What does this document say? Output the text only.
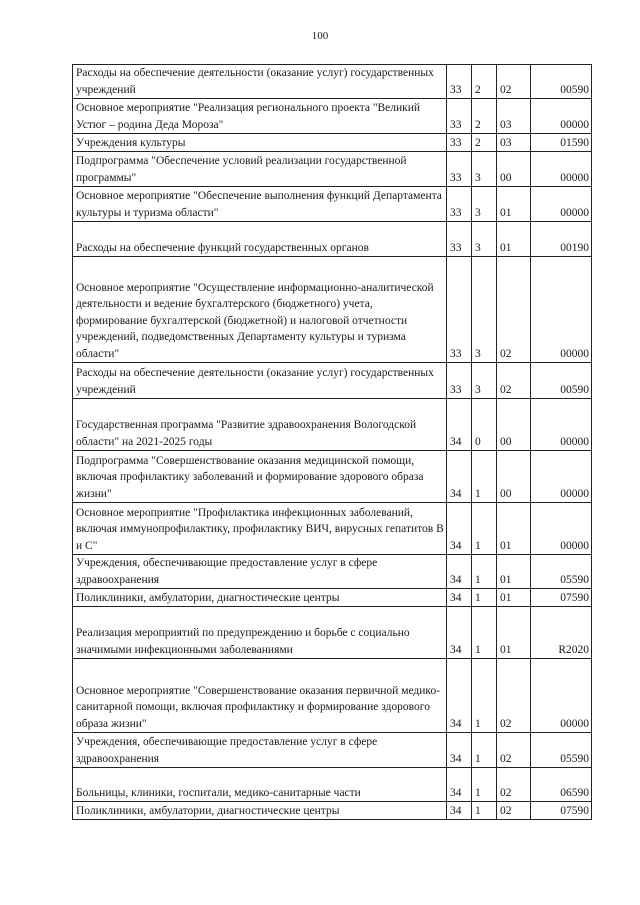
100
Расходы на обеспечение деятельности (оказание услуг) государственных учреждений	33	2	02	00590
Основное мероприятие "Реализация регионального проекта "Великий Устюг – родина Деда Мороза"	33	2	03	00000
Учреждения культуры	33	2	03	01590
Подпрограмма "Обеспечение условий реализации государственной программы"	33	3	00	00000
Основное мероприятие "Обеспечение выполнения функций Департамента культуры и туризма области"	33	3	01	00000
Расходы на обеспечение функций государственных органов	33	3	01	00190
Основное мероприятие "Осуществление информационно-аналитической деятельности и ведение бухгалтерского (бюджетного) учета, формирование бухгалтерской (бюджетной) и налоговой отчетности учреждений, подведомственных Департаменту культуры и туризма области"	33	3	02	00000
Расходы на обеспечение деятельности (оказание услуг) государственных учреждений	33	3	02	00590
Государственная программа "Развитие здравоохранения Вологодской области" на 2021-2025 годы	34	0	00	00000
Подпрограмма "Совершенствование оказания медицинской помощи, включая профилактику заболеваний и формирование здорового образа жизни"	34	1	00	00000
Основное мероприятие "Профилактика инфекционных заболеваний, включая иммунопрофилактику, профилактику ВИЧ, вирусных гепатитов В и С"	34	1	01	00000
Учреждения, обеспечивающие предоставление услуг в сфере здравоохранения	34	1	01	05590
Поликлиники, амбулатории, диагностические центры	34	1	01	07590
Реализация мероприятий по предупреждению и борьбе с социально значимыми инфекционными заболеваниями	34	1	01	R2020
Основное мероприятие "Совершенствование оказания первичной медико-санитарной помощи, включая профилактику и формирование здорового образа жизни"	34	1	02	00000
Учреждения, обеспечивающие предоставление услуг в сфере здравоохранения	34	1	02	05590
Больницы, клиники, госпитали, медико-санитарные части	34	1	02	06590
Поликлиники, амбулатории, диагностические центры	34	1	02	07590
